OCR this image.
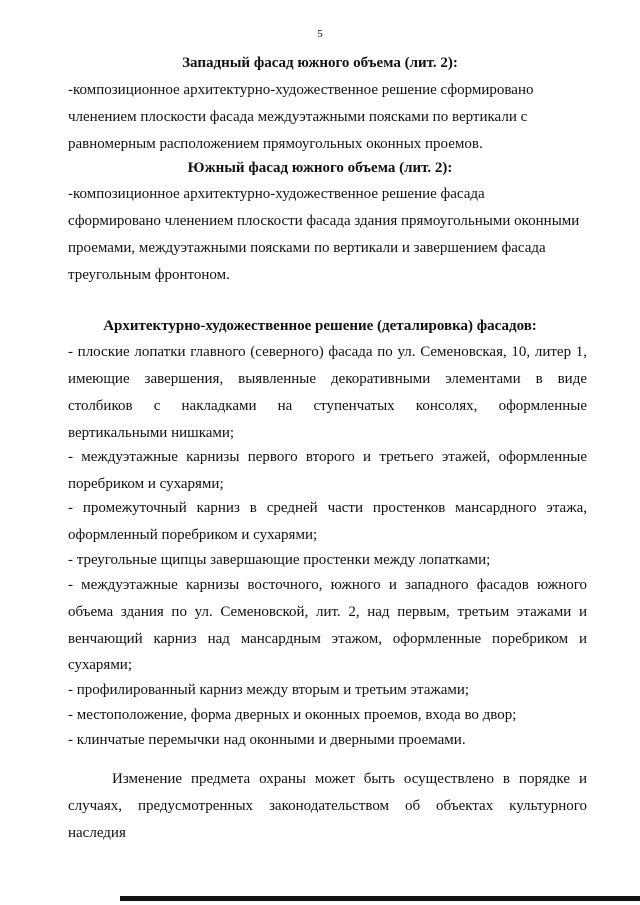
5
Западный фасад южного объема (лит. 2):
-композиционное архитектурно-художественное решение сформировано
членением плоскости фасада междуэтажными поясками по вертикали с
равномерным расположением прямоугольных оконных проемов.
Южный фасад южного объема (лит. 2):
-композиционное архитектурно-художественное решение фасада
сформировано членением плоскости фасада здания прямоугольными оконными
проемами, междуэтажными поясками по вертикали и завершением фасада
треугольным фронтоном.
Архитектурно-художественное решение (деталировка) фасадов:
- плоские лопатки главного (северного) фасада по ул. Семеновская, 10, литер 1,
имеющие завершения, выявленные декоративными элементами в виде
столбиков с накладками на ступенчатых консолях, оформленные
вертикальными нишками;
- междуэтажные карнизы первого второго и третьего этажей, оформленные
поребриком и сухарями;
- промежуточный карниз в средней части простенков мансардного этажа,
оформленный поребриком и сухарями;
- треугольные щипцы завершающие простенки между лопатками;
- междуэтажные карнизы восточного, южного и западного фасадов южного
объема здания по ул. Семеновской, лит. 2, над первым, третьим этажами и
венчающий карниз над мансардным этажом, оформленные поребриком и
сухарями;
- профилированный карниз между вторым и третьим этажами;
- местоположение, форма дверных и оконных проемов, входа во двор;
- клинчатые перемычки над оконными и дверными проемами.
Изменение предмета охраны может быть осуществлено в порядке и
случаях, предусмотренных законодательством об объектах культурного
наследия
